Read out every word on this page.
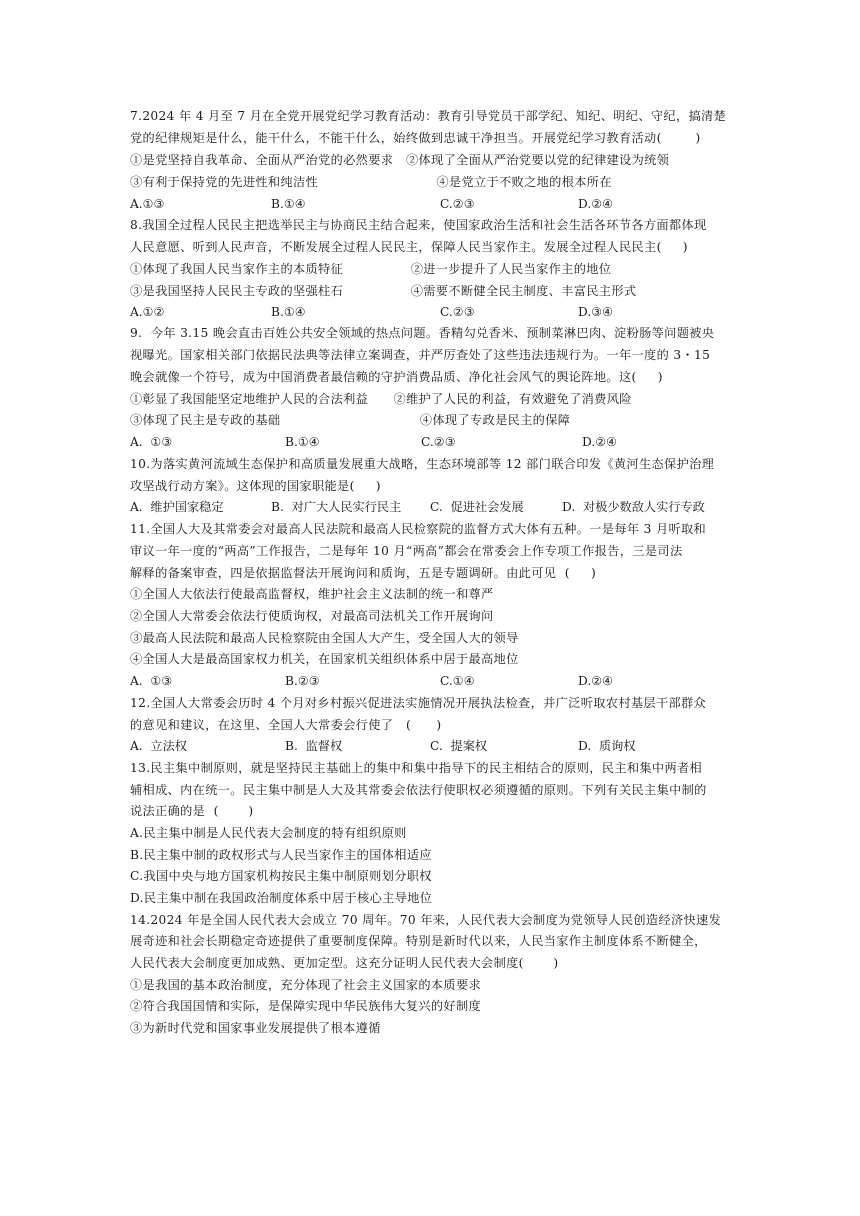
7.2024 年 4 月至 7 月在全党开展党纪学习教育活动：教育引导党员干部学纪、知纪、明纪、守纪，搞清楚
党的纪律规矩是什么，能干什么，不能干什么，始终做到忠诚干净担当。开展党纪学习教育活动(        )
①是党坚持自我革命、全面从严治党的必然要求   ②体现了全面从严治党要以党的纪律建设为统领
③有利于保持党的先进性和纯洁性                            ④是党立于不败之地的根本所在
A.①③	B.①④	C.②③	D.②④
8.我国全过程人民民主把选举民主与协商民主结合起来，使国家政治生活和社会生活各环节各方面都体现
人民意愿、听到人民声音，不断发展全过程人民民主，保障人民当家作主。发展全过程人民民主(     )
①体现了我国人民当家作主的本质特征                ②进一步提升了人民当家作主的地位
③是我国坚持人民民主专政的坚强柱石                ④需要不断健全民主制度、丰富民主形式
A.①②	B.①④	C.②③	D.③④
9.  今年 3.15 晚会直击百姓公共安全领域的热点问题。香精勾兑香米、预制菜淋巴肉、淀粉肠等问题被央
视曝光。国家相关部门依据民法典等法律立案调查，并严厉查处了这些违法违规行为。一年一度的 3・15
晚会就像一个符号，成为中国消费者最信赖的守护消费品质、净化社会风气的舆论阵地。这(     )
①彰显了我国能坚定地维护人民的合法利益      ②维护了人民的利益，有效避免了消费风险
③体现了民主是专政的基础                                 ④体现了专政是民主的保障
A.  ①③	B.①④	C.②③	D.②④
10.为落实黄河流域生态保护和高质量发展重大战略，生态环境部等 12 部门联合印发《黄河生态保护治理
攻坚战行动方案》。这体现的国家职能是(     )
A.  维护国家稳定	B.  对广大人民实行民主 C.  促进社会发展	D.  对极少数敌人实行专政
11.全国人大及其常委会对最高人民法院和最高人民检察院的监督方式大体有五种。一是每年 3 月听取和
审议一年一度的“两高”工作报告，二是每年 10 月“两高”都会在常委会上作专项工作报告，三是司法
解释的备案审查，四是依据监督法开展询问和质询，五是专题调研。由此可见  (     )
①全国人大依法行使最高监督权，维护社会主义法制的统一和尊严
②全国人大常委会依法行使质询权，对最高司法机关工作开展询问
③最高人民法院和最高人民检察院由全国人大产生，受全国人大的领导
④全国人大是最高国家权力机关，在国家机关组织体系中居于最高地位
A.  ①③	B.②③	C.①④	D.②④
12.全国人大常委会历时 4 个月对乡村振兴促进法实施情况开展执法检查，并广泛听取农村基层干部群众
的意见和建议，在这里、全国人大常委会行使了   (      )
A.  立法权	B.  监督权	C.  提案权	D.  质询权
13.民主集中制原则，就是坚持民主基础上的集中和集中指导下的民主相结合的原则，民主和集中两者相
辅相成、内在统一。民主集中制是人大及其常委会依法行使职权必须遵循的原则。下列有关民主集中制的
说法正确的是  (       )
A.民主集中制是人民代表大会制度的特有组织原则
B.民主集中制的政权形式与人民当家作主的国体相适应
C.我国中央与地方国家机构按民主集中制原则划分职权
D.民主集中制在我国政治制度体系中居于核心主导地位
14.2024 年是全国人民代表大会成立 70 周年。70 年来，人民代表大会制度为党领导人民创造经济快速发
展奇迹和社会长期稳定奇迹提供了重要制度保障。特别是新时代以来，人民当家作主制度体系不断健全，
人民代表大会制度更加成熟、更加定型。这充分证明人民代表大会制度(       )
①是我国的基本政治制度，充分体现了社会主义国家的本质要求
②符合我国国情和实际，是保障实现中华民族伟大复兴的好制度
③为新时代党和国家事业发展提供了根本遵循
